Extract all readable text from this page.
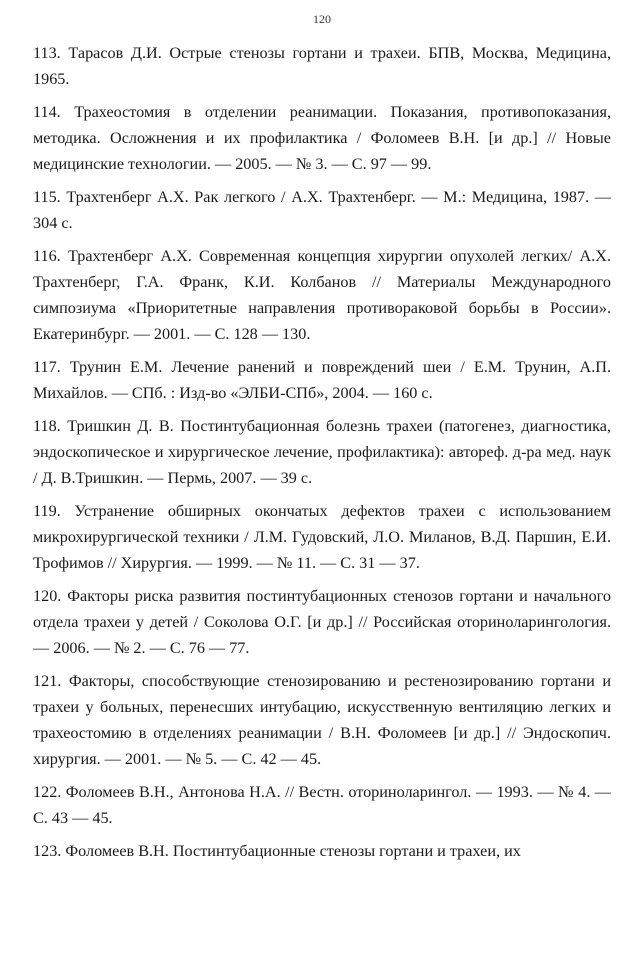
120

113. Тарасов Д.И. Острые стенозы гортани и трахеи. БПВ, Москва, Медицина, 1965.

114. Трахеостомия в отделении реанимации. Показания, противопоказания, методика. Осложнения и их профилактика / Фоломеев В.Н. [и др.] // Новые медицинские технологии. — 2005. — № 3. — С. 97 — 99.

115. Трахтенберг А.Х. Рак легкого / А.Х. Трахтенберг. — М.: Медицина, 1987. — 304 с.

116. Трахтенберг А.Х. Современная концепция хирургии опухолей легких/ А.Х. Трахтенберг, Г.А. Франк, К.И. Колбанов // Материалы Международного симпозиума «Приоритетные направления противораковой борьбы в России». Екатеринбург. — 2001. — С. 128 — 130.

117. Трунин Е.М. Лечение ранений и повреждений шеи / Е.М. Трунин, А.П. Михайлов. — СПб. : Изд-во «ЭЛБИ-СПб», 2004. — 160 с.

118. Тришкин Д. В. Постинтубационная болезнь трахеи (патогенез, диагностика, эндоскопическое и хирургическое лечение, профилактика): автореф. д-ра мед. наук / Д. В.Тришкин. — Пермь, 2007. — 39 с.

119. Устранение обширных окончатых дефектов трахеи с использованием микрохирургической техники / Л.М. Гудовский, Л.О. Миланов, В.Д. Паршин, Е.И. Трофимов // Хирургия. — 1999. — № 11. — С. 31 — 37.

120. Факторы риска развития постинтубационных стенозов гортани и начального отдела трахеи у детей / Соколова О.Г. [и др.] // Российская оториноларингология. — 2006. — № 2. — С. 76 — 77.

121. Факторы, способствующие стенозированию и рестенозированию гортани и трахеи у больных, перенесших интубацию, искусственную вентиляцию легких и трахеостомию в отделениях реанимации / В.Н. Фоломеев [и др.] // Эндоскопич. хирургия. — 2001. — № 5. — С. 42 — 45.

122. Фоломеев В.Н., Антонова Н.А. // Вестн. оториноларингол. — 1993. — № 4. — С. 43 — 45.

123. Фоломеев В.Н. Постинтубационные стенозы гортани и трахеи, их
